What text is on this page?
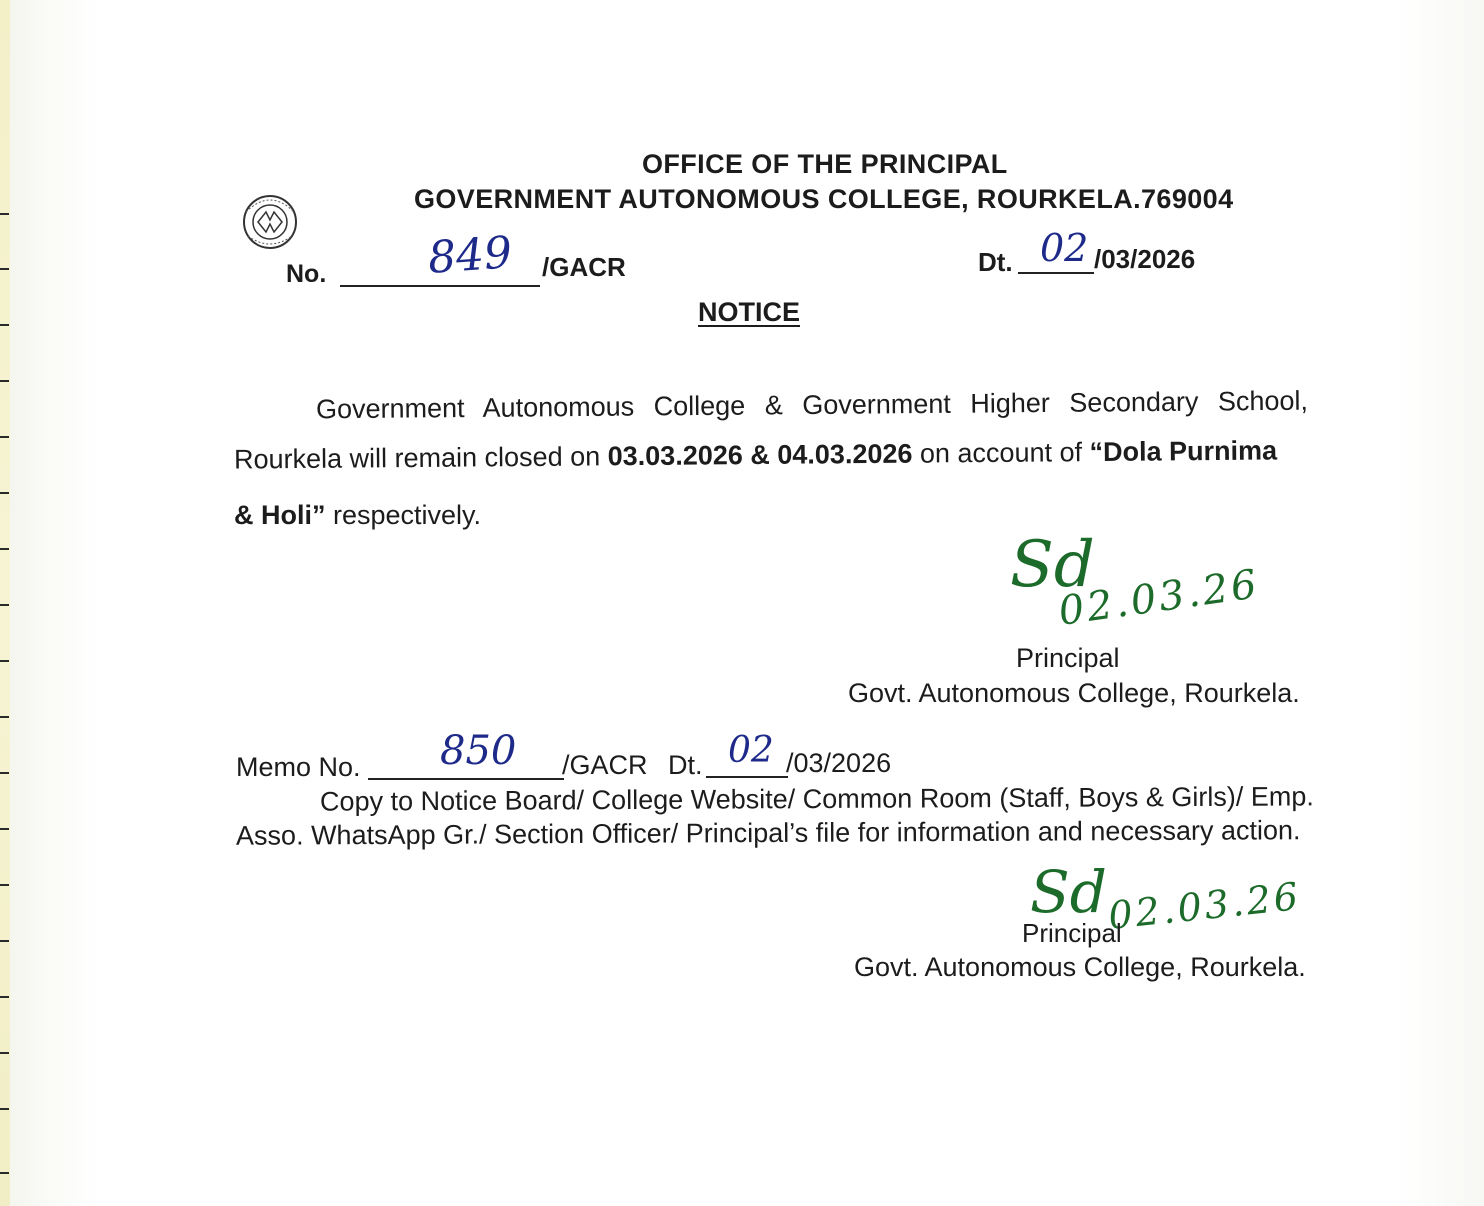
OFFICE OF THE PRINCIPAL
GOVERNMENT AUTONOMOUS COLLEGE, ROURKELA.769004
No. 849 /GACR	Dt. 02 /03/2026
NOTICE
Government Autonomous College & Government Higher Secondary School,
Rourkela will remain closed on 03.03.2026 & 04.03.2026 on account of “Dola Purnima
& Holi” respectively.
Sd
02.03.26
Principal
Govt. Autonomous College, Rourkela.
Memo No. 850 /GACR Dt. 02 /03/2026
Copy to Notice Board/ College Website/ Common Room (Staff, Boys & Girls)/ Emp.
Asso. WhatsApp Gr./ Section Officer/ Principal’s file for information and necessary action.
Sd 02.03.26
Principal
Govt. Autonomous College, Rourkela.
